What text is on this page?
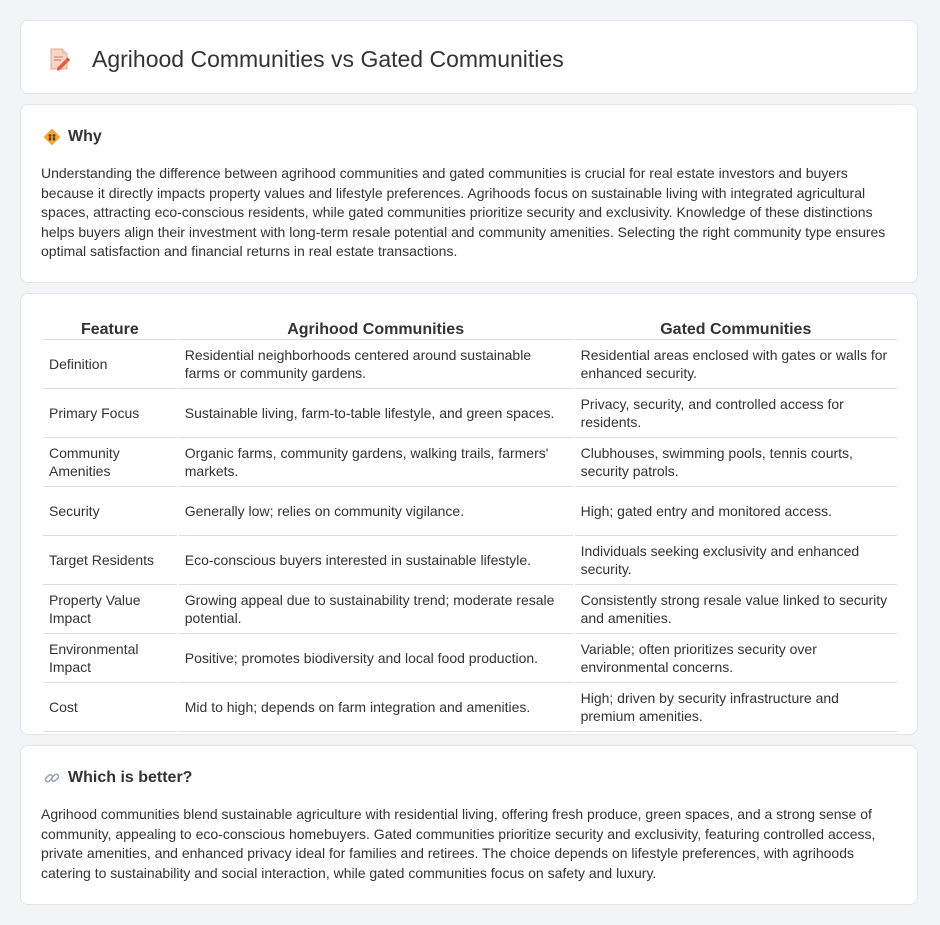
Agrihood Communities vs Gated Communities
Why

Understanding the difference between agrihood communities and gated communities is crucial for real estate investors and buyers because it directly impacts property values and lifestyle preferences. Agrihoods focus on sustainable living with integrated agricultural spaces, attracting eco-conscious residents, while gated communities prioritize security and exclusivity. Knowledge of these distinctions helps buyers align their investment with long-term resale potential and community amenities. Selecting the right community type ensures optimal satisfaction and financial returns in real estate transactions.

Feature	Agrihood Communities	Gated Communities
Definition	Residential neighborhoods centered around sustainable farms or community gardens.	Residential areas enclosed with gates or walls for enhanced security.
Primary Focus	Sustainable living, farm-to-table lifestyle, and green spaces.	Privacy, security, and controlled access for residents.
Community Amenities	Organic farms, community gardens, walking trails, farmers' markets.	Clubhouses, swimming pools, tennis courts, security patrols.
Security	Generally low; relies on community vigilance.	High; gated entry and monitored access.
Target Residents	Eco-conscious buyers interested in sustainable lifestyle.	Individuals seeking exclusivity and enhanced security.
Property Value Impact	Growing appeal due to sustainability trend; moderate resale potential.	Consistently strong resale value linked to security and amenities.
Environmental Impact	Positive; promotes biodiversity and local food production.	Variable; often prioritizes security over environmental concerns.
Cost	Mid to high; depends on farm integration and amenities.	High; driven by security infrastructure and premium amenities.
Which is better?

Agrihood communities blend sustainable agriculture with residential living, offering fresh produce, green spaces, and a strong sense of community, appealing to eco-conscious homebuyers. Gated communities prioritize security and exclusivity, featuring controlled access, private amenities, and enhanced privacy ideal for families and retirees. The choice depends on lifestyle preferences, with agrihoods catering to sustainability and social interaction, while gated communities focus on safety and luxury.
